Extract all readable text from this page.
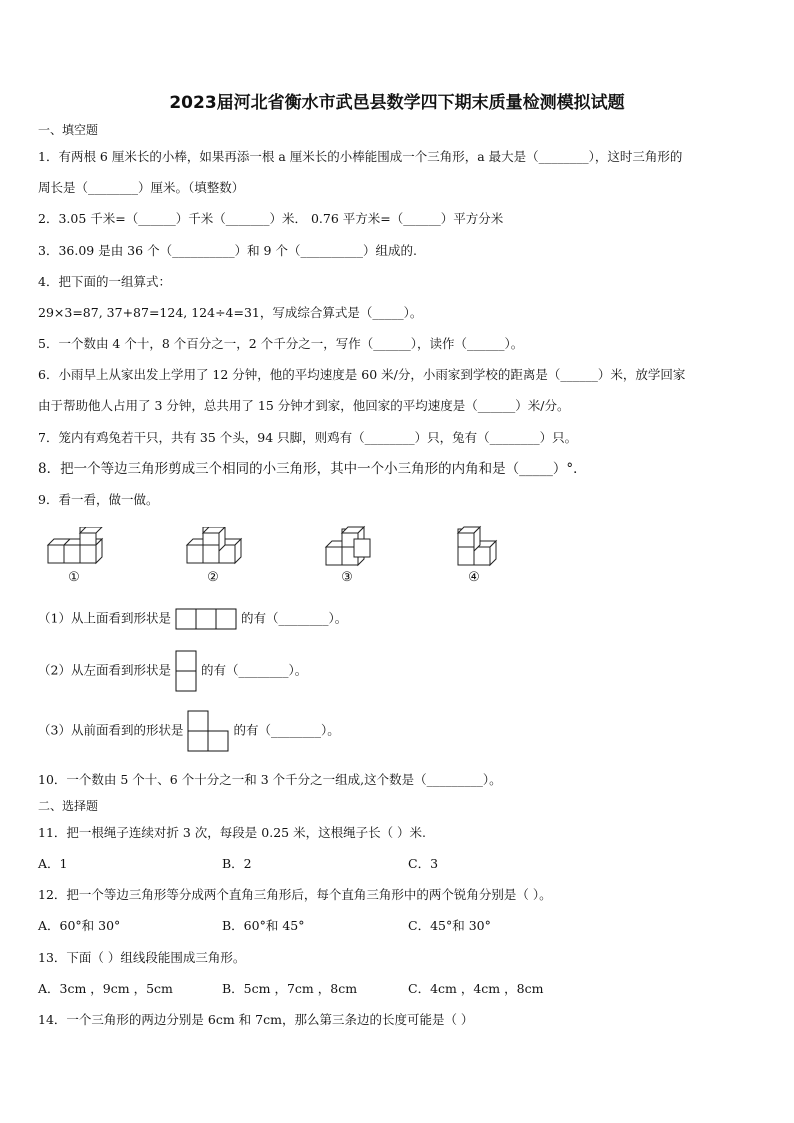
2023届河北省衡水市武邑县数学四下期末质量检测模拟试题
一、填空题
1．有两根 6 厘米长的小棒，如果再添一根 a 厘米长的小棒能围成一个三角形，a 最大是（________），这时三角形的
周长是（________）厘米。（填整数）
2．3.05 千米=（______）千米（_______）米． 0.76 平方米=（______）平方分米
3．36.09 是由 36 个（__________）和 9 个（__________）组成的.
4．把下面的一组算式：
29×3=87, 37+87=124, 124÷4=31，写成综合算式是（_____）。
5．一个数由 4 个十，8 个百分之一，2 个千分之一，写作（______），读作（______）。
6．小雨早上从家出发上学用了 12 分钟，他的平均速度是 60 米/分，小雨家到学校的距离是（______）米，放学回家
由于帮助他人占用了 3 分钟，总共用了 15 分钟才到家，他回家的平均速度是（______）米/分。
7．笼内有鸡兔若干只，共有 35 个头，94 只脚，则鸡有（________）只，兔有（________）只。
8．把一个等边三角形剪成三个相同的小三角形，其中一个小三角形的内角和是（_____）°．
9．看一看，做一做。
①	②	③	④
（1）从上面看到形状是	的有（________）。
（2）从左面看到形状是 的有（________）。
（3）从前面看到的形状是	的有（________）。
10．一个数由 5 个十、6 个十分之一和 3 个千分之一组成,这个数是（_________）。
二、选择题
11．把一根绳子连续对折 3 次，每段是 0.25 米，这根绳子长（ ）米.
A．1	B．2	C．3
12．把一个等边三角形等分成两个直角三角形后，每个直角三角形中的两个锐角分别是（ ）。
A．60°和 30°	B．60°和 45°	C．45°和 30°
13．下面（ ）组线段能围成三角形。
A．3cm ，9cm ，5cm	B．5cm ，7cm ，8cm	C．4cm ，4cm ，8cm
14．一个三角形的两边分别是 6cm 和 7cm，那么第三条边的长度可能是（ ）
